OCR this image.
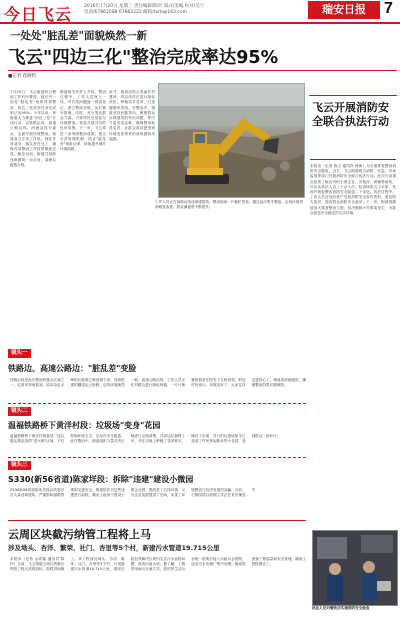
今日飞云	2016年7月20日 星期三 责任编辑/陈吟 版式/美编 校对/吴宁
电话/67862088 67862222 邮箱/txrb@163.com	瑞安日报	7
一处处"脏乱差"面貌焕然一新
飞云"四边三化"整治完成率达95%
■记者 蒋晓怡
7月20日，飞云街道综合整治工作有序推进，辖区内一处处"脏乱差"现象得到整治，四边三化攻坚任务完成率已达95%。今年以来，该街道大力推进"四边三化"专项行动，以铁路沿线、高速公路沿线、河流沿线为重点，全面开展环境整治。街道成立专项工作组，细化任务清单，落实责任分工，确保各项整治工作按时保质完成。截至目前，街道共拆除违章建筑一百余处，清理垃圾数百吨。
街道相关负责人介绍，整治过程中，工作人员深入一线，对各类问题逐一排查登记，建立整改台账，实行销号管理。同时，充分发动群众力量，引导村民自觉参与环境整治，营造共建共享的良好氛围。下一步，飞云将进一步巩固整治成果，建立长效管理机制，防止"脏乱差"现象反弹，持续提升城乡环境面貌。
此外，街道还结合美丽乡村建设，对沿线村庄进行绿化美化，种植苗木花草，打造靓丽风景线。在整治中，街道坚持问题导向，聚焦群众反映强烈的突出问题，集中力量攻坚克难，确保整治取得实效，让群众真切感受到环境变化带来的获得感和幸福感。
工作人员正在拆除沿线违章建筑物，整治现场一片繁忙景象。通过此次集中整治，沿线环境得到明显改善，群众满意度不断提升。
飞云开展消防安全联合执法行动
本报讯（记者 陈文 通讯员 林海）为全面排查整治消防安全隐患，近日，飞云街道联合消防、安监、市场监管等部门开展消防安全联合执法行动。此次行动重点检查了辖区内的小型企业、出租房、商铺等场所，共出动执法人员三十余人次，检查场所五十余家，发现并督促整改消防安全隐患二十余处。执法过程中，工作人员还向经营户发放消防安全宣传资料，普及防火知识，提高群众消防安全意识。下一步，街道将继续加大排查整治力度，坚决遏制火灾事故发生，为群众营造安全稳定的生活环境。
镜头一
铁路边、高速公路边："脏乱差"变脸
铁路沿线是此次整治的重点区域之一。记者在现场看到，原本杂乱无章的垃圾堆已被清理干净，违章搭建的棚屋也已拆除，沿线环境焕然一新。高速公路沿线，工作人员正在对路边进行绿化种植，一片片新栽的树苗在阳光下生机勃勃。附近村民表示，环境变好了，大家住得也更舒心了。街道将持续跟进，确保整治效果长期保持。
镜头二
温福铁路桥下黄洋村段：垃圾场"变身"花园
温福铁路桥下黄洋村段曾是一处垃圾乱堆乱放的"老大难"区域，不仅影响环境卫生，还存在安全隐患。此次整治中，街道组织力量对该区域进行全面清理，共清运垃圾数十车，并在空地上种植了花草树木，铺设了步道，昔日的垃圾场如今已变成了村民休闲散步的小花园，受到群众一致好评。
镜头三
S330(新56省道)陈家垟段：拆除"违建"建设小微园
S330新56省道陈家垟段沿线曾存在大量违章建筑，严重影响道路景观和交通安全。街道依法对这些违建进行拆除，腾出土地用于建设小微企业园，既改善了沿线环境，又为企业发展提供了空间，实现了环境整治与经济发展的双赢。目前，小微园项目前期工作正在有序推进中。
云周区块截污纳管工程将上马
涉及坳头、杏洋、繁荣、社门、杏里等5个村，新建污水管道19.715公里
本报讯（记者 金希璇 通讯员 陈玲）日前，飞云街道云周区块截污纳管工程完成招投标，即将进场施工。该工程涉及坳头、杏洋、繁荣、社门、杏里等5个村，计划新建污水管道19.715公里，建成后将有效解决区块内生活污水直排问题，改善河道水质。据了解，工程采用雨污分流方式，将村民生活污水统一收集后接入市政污水管网，送至污水处理厂集中处理。街道将加强工程质量和安全管理，确保工程按期完工。
执法人员对餐饮店实施消防安全检查
